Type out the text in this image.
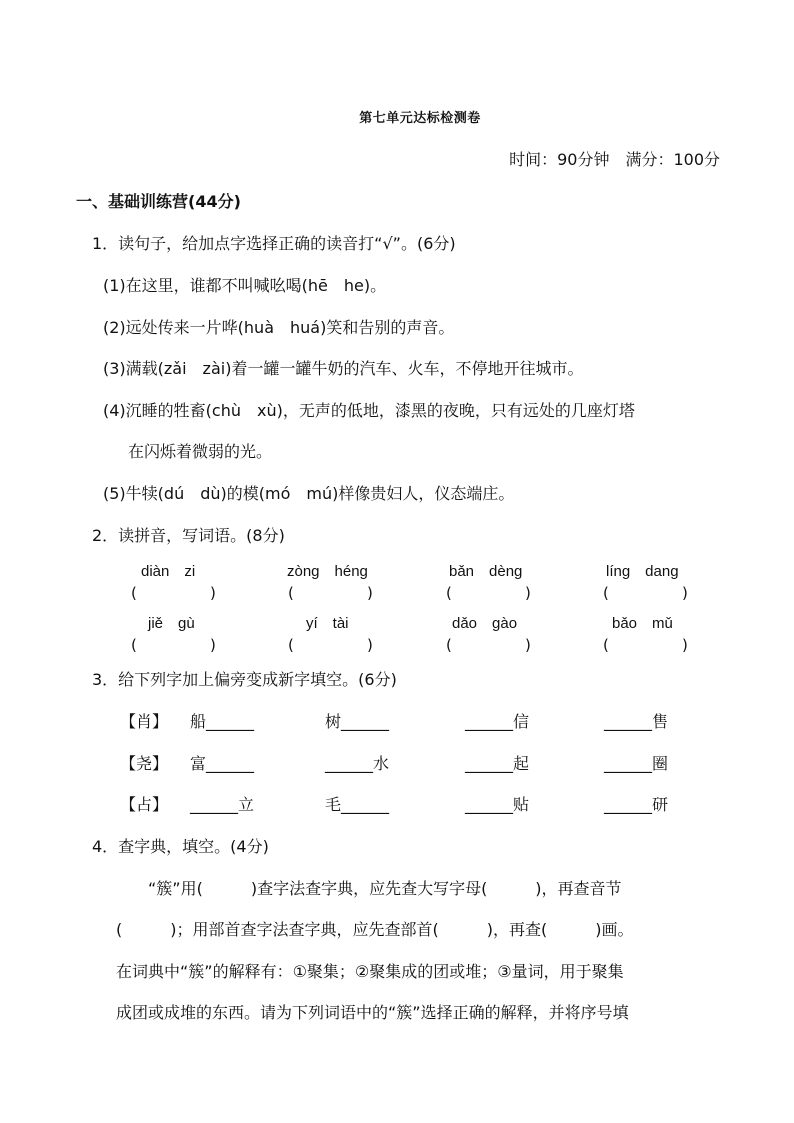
第七单元达标检测卷
时间：90分钟　满分：100分
一、基础训练营(44分)
1．读句子，给加点字选择正确的读音打“√”。(6分)
(1)在这里，谁都不叫喊吆喝(hē　he)。
(2)远处传来一片哗(huà　huá)笑和告别的声音。
(3)满载(zǎi　zài)着一罐一罐牛奶的汽车、火车，不停地开往城市。
(4)沉睡的牲畜(chù　xù)，无声的低地，漆黑的夜晚，只有远处的几座灯塔
在闪烁着微弱的光。
(5)牛犊(dú　dù)的模(mó　mú)样像贵妇人，仪态端庄。
2．读拼音，写词语。(8分)
diàn　zi	zòng　héng	bǎn　dèng	líng　dang
(	)	(	)	(	)	(	)
jiě　gù	yí　tài	dǎo　gào	bǎo　mǔ
(	)	(	)	(	)	(	)
3．给下列字加上偏旁变成新字填空。(6分)
【肖】 船______	树______	______信	______售
【尧】 富______	______水	______起	______圈
【占】 ______立	毛______	______贴	______研
4．查字典，填空。(4分)
“簇”用(　　　)查字法查字典，应先查大写字母(　　　)，再查音节
(　　　)；用部首查字法查字典，应先查部首(　　　)，再查(　　　)画。
在词典中“簇”的解释有：①聚集；②聚集成的团或堆；③量词，用于聚集
成团或成堆的东西。请为下列词语中的“簇”选择正确的解释，并将序号填
